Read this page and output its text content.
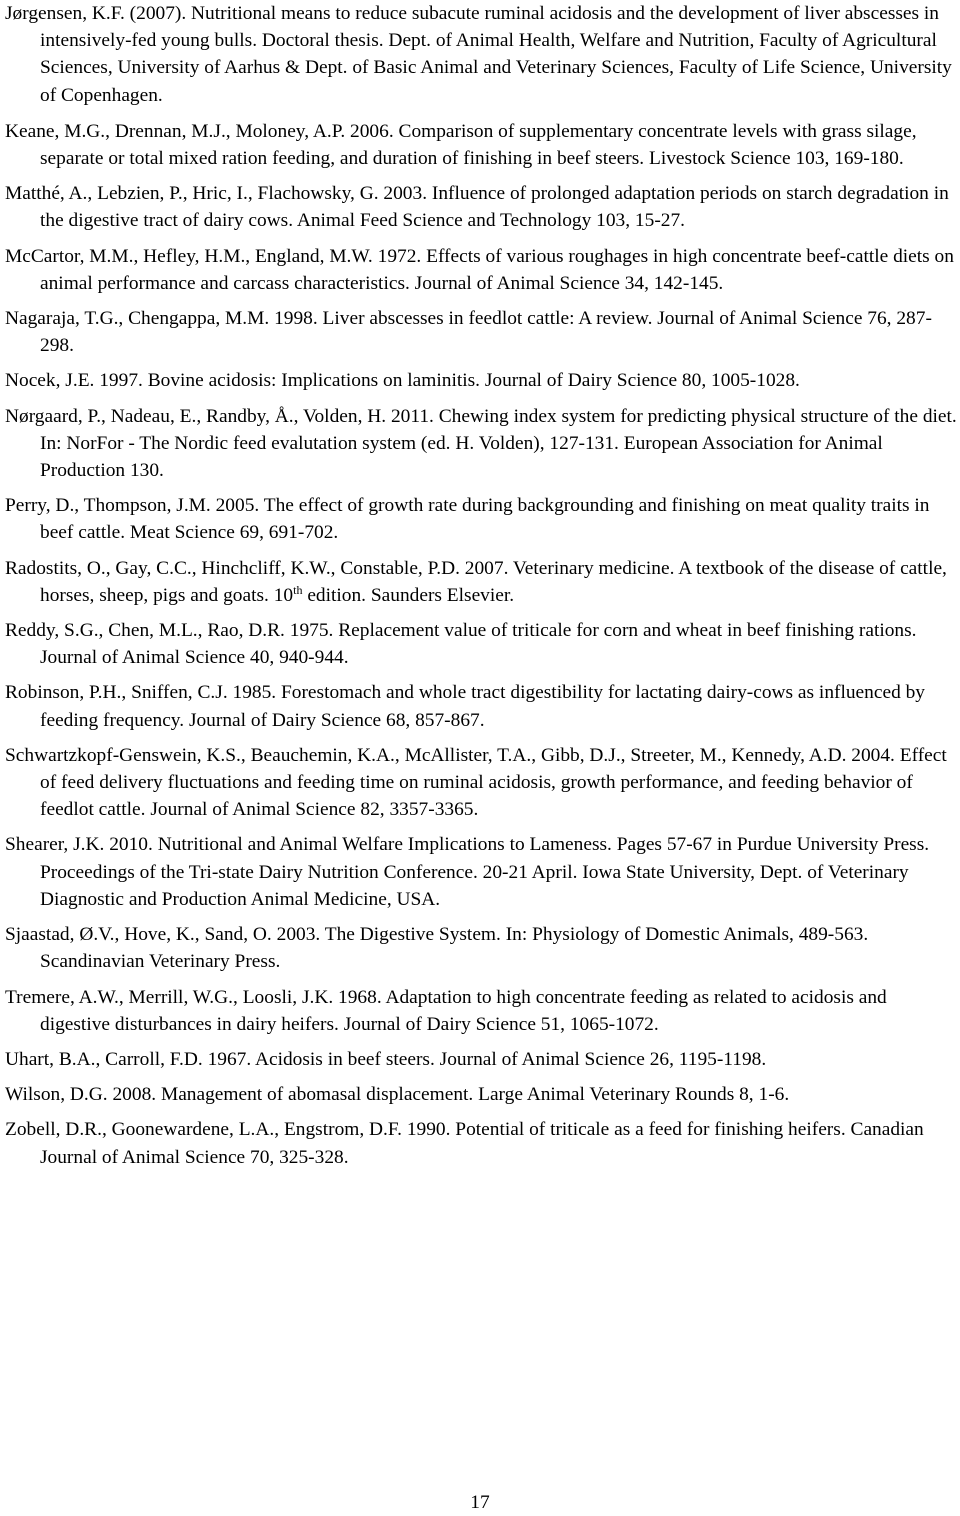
Jørgensen, K.F. (2007). Nutritional means to reduce subacute ruminal acidosis and the development of liver abscesses in intensively-fed young bulls. Doctoral thesis. Dept. of Animal Health, Welfare and Nutrition, Faculty of Agricultural Sciences, University of Aarhus & Dept. of Basic Animal and Veterinary Sciences, Faculty of Life Science, University of Copenhagen.

Keane, M.G., Drennan, M.J., Moloney, A.P. 2006. Comparison of supplementary concentrate levels with grass silage, separate or total mixed ration feeding, and duration of finishing in beef steers. Livestock Science 103, 169-180.

Matthé, A., Lebzien, P., Hric, I., Flachowsky, G. 2003. Influence of prolonged adaptation periods on starch degradation in the digestive tract of dairy cows. Animal Feed Science and Technology 103, 15-27.

McCartor, M.M., Hefley, H.M., England, M.W. 1972. Effects of various roughages in high concentrate beef-cattle diets on animal performance and carcass characteristics. Journal of Animal Science 34, 142-145.

Nagaraja, T.G., Chengappa, M.M. 1998. Liver abscesses in feedlot cattle: A review. Journal of Animal Science 76, 287-298.

Nocek, J.E. 1997. Bovine acidosis: Implications on laminitis. Journal of Dairy Science 80, 1005-1028.

Nørgaard, P., Nadeau, E., Randby, Å., Volden, H. 2011. Chewing index system for predicting physical structure of the diet. In: NorFor - The Nordic feed evalutation system (ed. H. Volden), 127-131. European Association for Animal Production 130.

Perry, D., Thompson, J.M. 2005. The effect of growth rate during backgrounding and finishing on meat quality traits in beef cattle. Meat Science 69, 691-702.

Radostits, O., Gay, C.C., Hinchcliff, K.W., Constable, P.D. 2007. Veterinary medicine. A textbook of the disease of cattle, horses, sheep, pigs and goats. 10th edition. Saunders Elsevier.

Reddy, S.G., Chen, M.L., Rao, D.R. 1975. Replacement value of triticale for corn and wheat in beef finishing rations. Journal of Animal Science 40, 940-944.

Robinson, P.H., Sniffen, C.J. 1985. Forestomach and whole tract digestibility for lactating dairy-cows as influenced by feeding frequency. Journal of Dairy Science 68, 857-867.

Schwartzkopf-Genswein, K.S., Beauchemin, K.A., McAllister, T.A., Gibb, D.J., Streeter, M., Kennedy, A.D. 2004. Effect of feed delivery fluctuations and feeding time on ruminal acidosis, growth performance, and feeding behavior of feedlot cattle. Journal of Animal Science 82, 3357-3365.

Shearer, J.K. 2010. Nutritional and Animal Welfare Implications to Lameness. Pages 57-67 in Purdue University Press. Proceedings of the Tri-state Dairy Nutrition Conference. 20-21 April. Iowa State University, Dept. of Veterinary Diagnostic and Production Animal Medicine, USA.

Sjaastad, Ø.V., Hove, K., Sand, O. 2003. The Digestive System. In: Physiology of Domestic Animals, 489-563. Scandinavian Veterinary Press.

Tremere, A.W., Merrill, W.G., Loosli, J.K. 1968. Adaptation to high concentrate feeding as related to acidosis and digestive disturbances in dairy heifers. Journal of Dairy Science 51, 1065-1072.

Uhart, B.A., Carroll, F.D. 1967. Acidosis in beef steers. Journal of Animal Science 26, 1195-1198.

Wilson, D.G. 2008. Management of abomasal displacement. Large Animal Veterinary Rounds 8, 1-6.

Zobell, D.R., Goonewardene, L.A., Engstrom, D.F. 1990. Potential of triticale as a feed for finishing heifers. Canadian Journal of Animal Science 70, 325-328.

17
